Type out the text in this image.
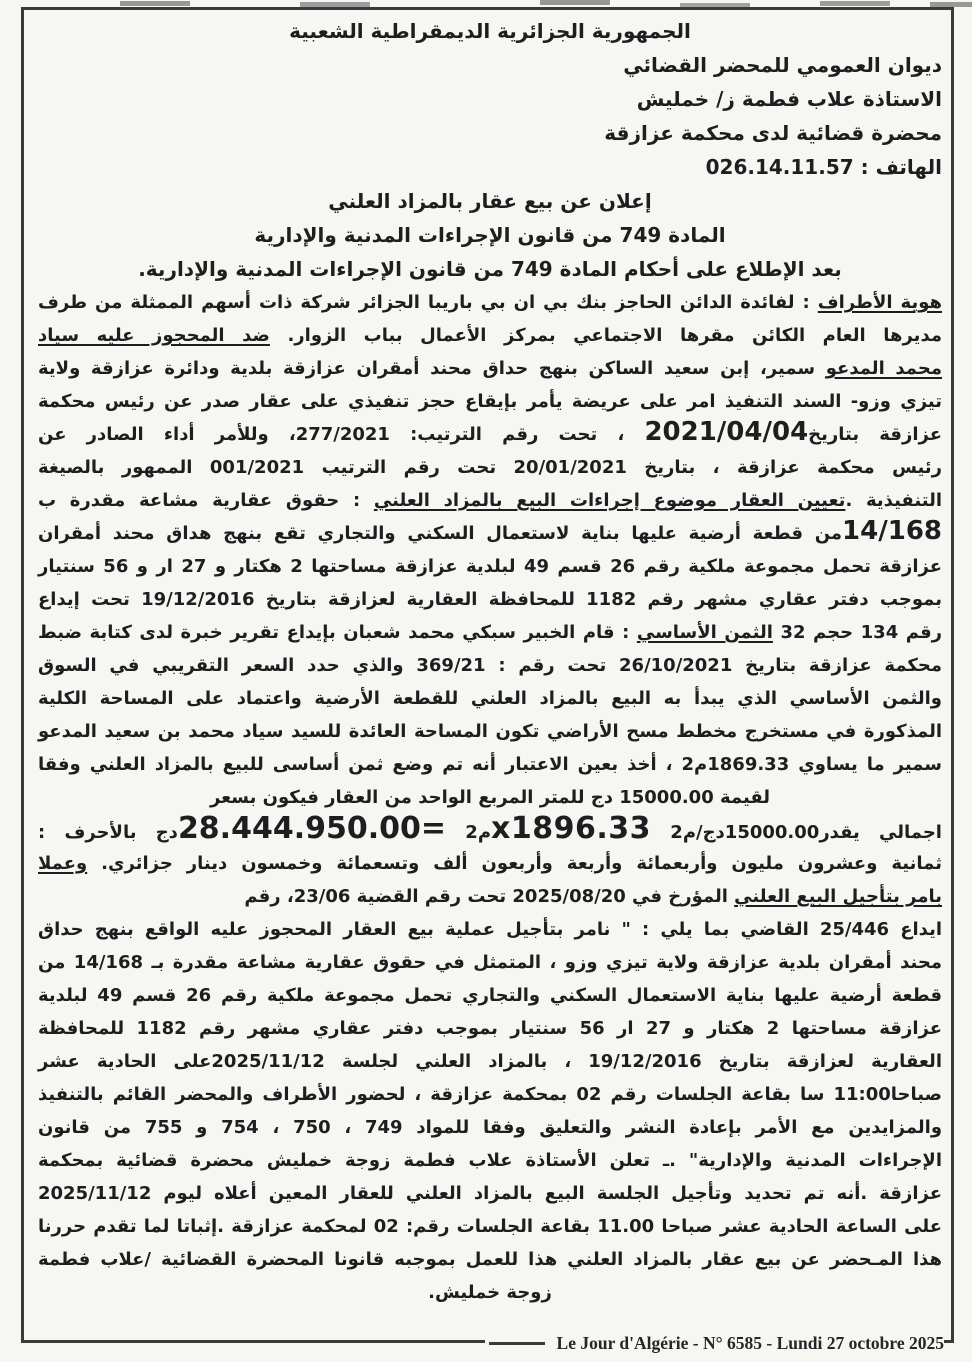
الجمهورية الجزائرية الديمقراطية الشعبية
ديوان العمومي للمحضر القضائي
الاستاذة علاب فطمة ز/ خمليش
محضرة قضائية لدى محكمة عزازقة
الهاتف : 026.14.11.57
إعلان عن بيع عقار بالمزاد العلني
المادة 749 من قانون الإجراءات المدنية والإدارية
بعد الإطلاع على أحكام المادة 749 من قانون الإجراءات المدنية والإدارية.
هوية الأطراف : لفائدة الدائن الحاجز بنك بي ان بي باريبا الجزائر شركة ذات أسهم الممثلة من طرف
مديرها العام الكائن مقرها الاجتماعي بمركز الأعمال بباب الزوار. ضد المحجوز عليه سياد
محمد المدعو سمير، إبن سعيد الساكن بنهج حداق محند أمقران عزازقة بلدية ودائرة عزازقة ولاية
تيزي وزو- السند التنفيذ امر على عريضة يأمر بإيقاع حجز تنفيذي على عقار صدر عن رئيس محكمة
عزازقة بتاريخ2021/04/04 ، تحت رقم الترتيب: 277/2021، وللأمر أداء الصادر عن
رئيس محكمة عزازقة ، بتاريخ 20/01/2021 تحت رقم الترتيب 001/2021 الممهور بالصيغة
التنفيذية .تعيين العقار موضوع إجراءات البيع بالمزاد العلني : حقوق عقارية مشاعة مقدرة ب
14/168من قطعة أرضية عليها بناية لاستعمال السكني والتجاري تقع بنهج هداق محند أمقران
عزازقة تحمل مجموعة ملكية رقم 26 قسم 49 لبلدية عزازقة مساحتها 2 هكتار و 27 ار و 56 سنتيار
بموجب دفتر عقاري مشهر رقم 1182 للمحافظة العقارية لعزازقة بتاريخ 19/12/2016 تحت إيداع
رقم 134 حجم 32 الثمن الأساسي : قام الخبير سبكي محمد شعبان بإيداع تقرير خبرة لدى كتابة ضبط
محكمة عزازقة بتاريخ 26/10/2021 تحت رقم : 369/21 والذي حدد السعر التقريبي في السوق
والثمن الأساسي الذي يبدأ به البيع بالمزاد العلني للقطعة الأرضية واعتماد على المساحة الكلية
المذكورة في مستخرج مخطط مسح الأراضي تكون المساحة العائدة للسيد سياد محمد بن سعيد المدعو
سمير ما يساوي 1869.33م2 ، أخذ بعين الاعتبار أنه تم وضع ثمن أساسى للبيع بالمزاد العلني وفقا
لقيمة 15000.00 دج للمتر المربع الواحد من العقار فيكون بسعر
اجمالي يقدر15000.00دج/م2 x1896.33م2 =28.444.950.00دج بالأحرف :
ثمانية وعشرون مليون وأربعمائة وأربعة وأربعون ألف وتسعمائة وخمسون دينار جزائري. وعملا
بامر بتأجيل البيع العلني المؤرخ في 2025/08/20 تحت رقم القضية 23/06، رقم
ايداع 25/446 القاضي بما يلي : " نامر بتأجيل عملية بيع العقار المحجوز عليه الواقع بنهج حداق
محند أمقران بلدية عزازقة ولاية تيزي وزو ، المتمثل في حقوق عقارية مشاعة مقدرة بـ 14/168 من
قطعة أرضية عليها بناية الاستعمال السكني والتجاري تحمل مجموعة ملكية رقم 26 قسم 49 لبلدية
عزازقة مساحتها 2 هكتار و 27 ار 56 سنتيار بموجب دفتر عقاري مشهر رقم 1182 للمحافظة
العقارية لعزازقة بتاريخ 19/12/2016 ، بالمزاد العلني لجلسة 2025/11/12على الحادية عشر
صباحا11:00 سا بقاعة الجلسات رقم 02 بمحكمة عزازقة ، لحضور الأطراف والمحضر القائم بالتنفيذ
والمزايدين مع الأمر بإعادة النشر والتعليق وفقا للمواد 749 ، 750 ، 754 و 755 من قانون
الإجراءات المدنية والإدارية" .ـ تعلن الأستاذة علاب فطمة زوجة خمليش محضرة قضائية بمحكمة
عزازقة .أنه تم تحديد وتأجيل الجلسة البيع بالمزاد العلني للعقار المعين أعلاه ليوم 2025/11/12
على الساعة الحادية عشر صباحا 11.00 بقاعة الجلسات رقم: 02 لمحكمة عزازقة .إثباتا لما تقدم حررنا
هذا المـحضر عن بيع عقار بالمزاد العلني هذا للعمل بموجبه قانونا المحضرة القضائية /علاب فطمة
زوجة خمليش.
Le Jour d'Algérie - N° 6585 - Lundi 27 octobre 2025
